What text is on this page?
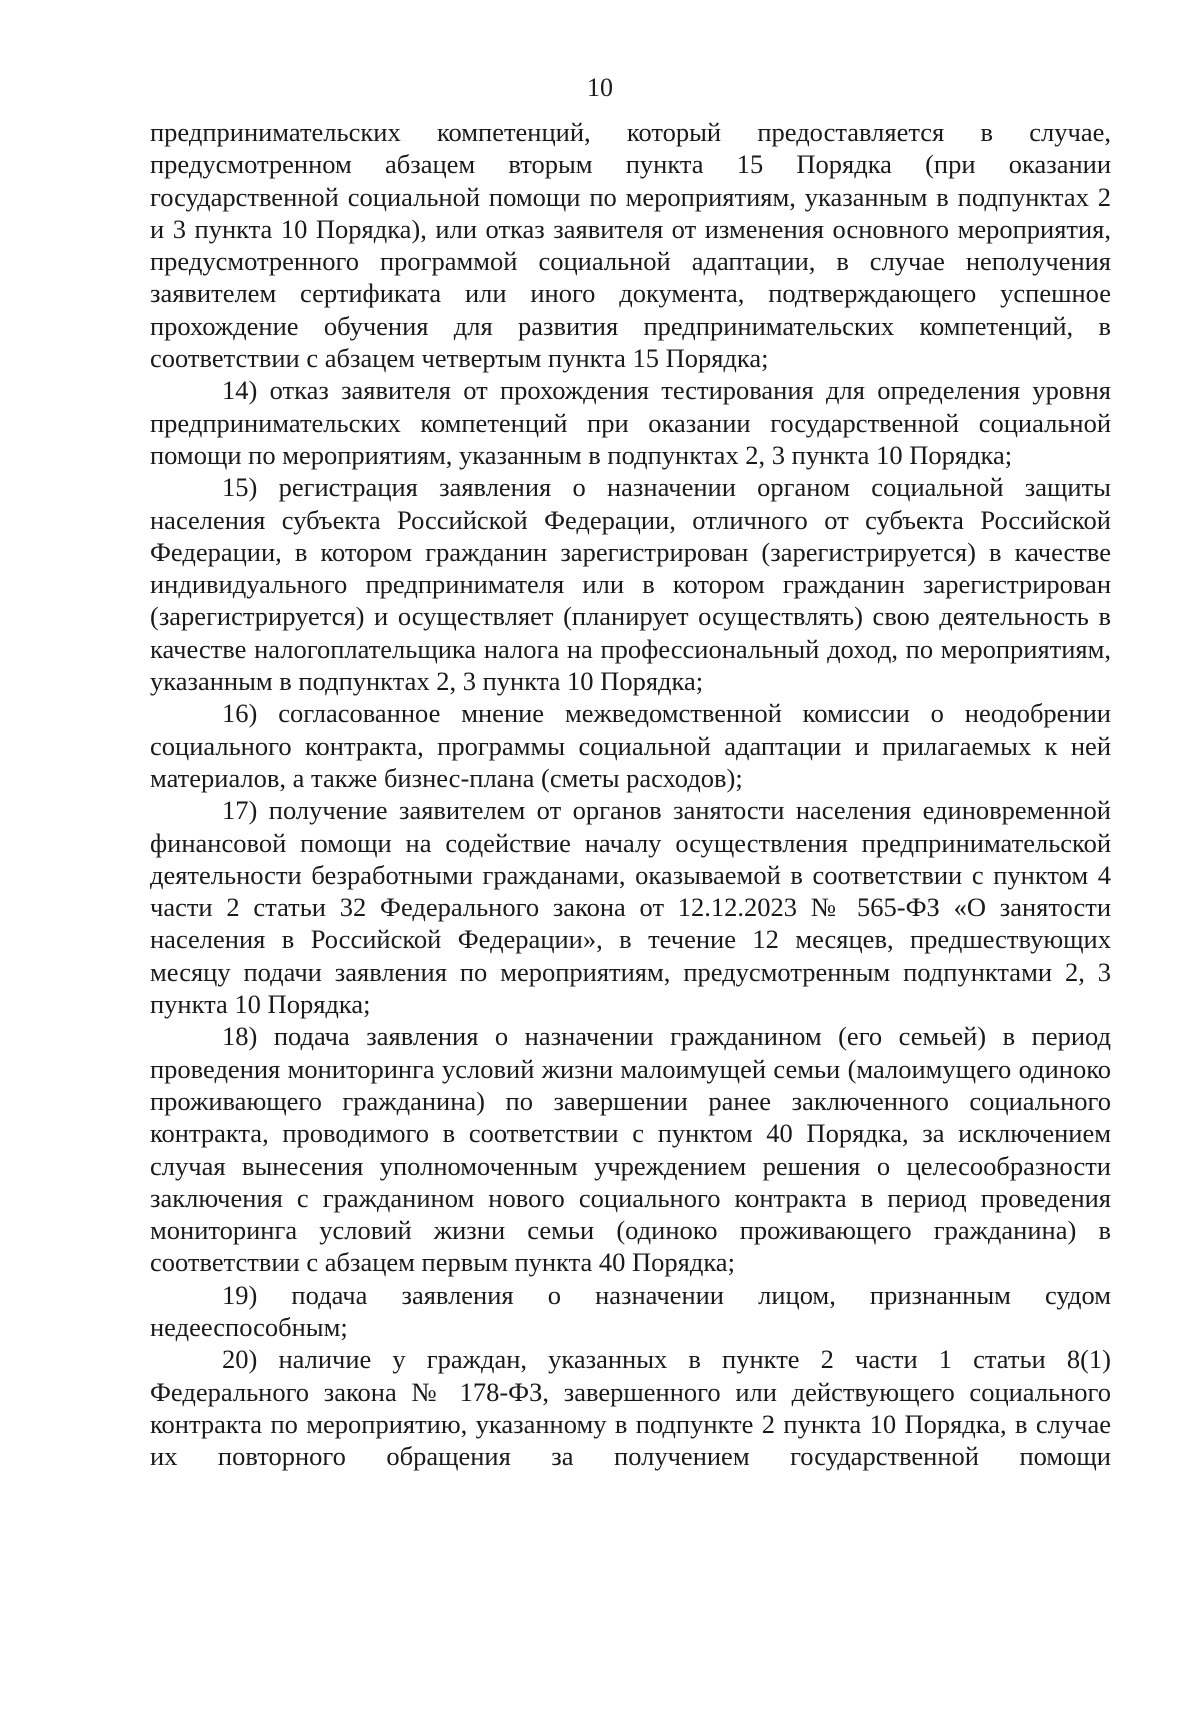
10

предпринимательских компетенций, который предоставляется в случае, предусмотренном абзацем вторым пункта 15 Порядка (при оказании государственной социальной помощи по мероприятиям, указанным в подпунктах 2 и 3 пункта 10 Порядка), или отказ заявителя от изменения основного мероприятия, предусмотренного программой социальной адаптации, в случае неполучения заявителем сертификата или иного документа, подтверждающего успешное прохождение обучения для развития предпринимательских компетенций, в соответствии с абзацем четвертым пункта 15 Порядка;

14) отказ заявителя от прохождения тестирования для определения уровня предпринимательских компетенций при оказании государственной социальной помощи по мероприятиям, указанным в подпунктах 2, 3 пункта 10 Порядка;

15) регистрация заявления о назначении органом социальной защиты населения субъекта Российской Федерации, отличного от субъекта Российской Федерации, в котором гражданин зарегистрирован (зарегистрируется) в качестве индивидуального предпринимателя или в котором гражданин зарегистрирован (зарегистрируется) и осуществляет (планирует осуществлять) свою деятельность в качестве налогоплательщика налога на профессиональный доход, по мероприятиям, указанным в подпунктах 2, 3 пункта 10 Порядка;

16) согласованное мнение межведомственной комиссии о неодобрении социального контракта, программы социальной адаптации и прилагаемых к ней материалов, а также бизнес-плана (сметы расходов);

17) получение заявителем от органов занятости населения единовременной финансовой помощи на содействие началу осуществления предпринимательской деятельности безработными гражданами, оказываемой в соответствии с пунктом 4 части 2 статьи 32 Федерального закона от 12.12.2023 № 565-ФЗ «О занятости населения в Российской Федерации», в течение 12 месяцев, предшествующих месяцу подачи заявления по мероприятиям, предусмотренным подпунктами 2, 3 пункта 10 Порядка;

18) подача заявления о назначении гражданином (его семьей) в период проведения мониторинга условий жизни малоимущей семьи (малоимущего одиноко проживающего гражданина) по завершении ранее заключенного социального контракта, проводимого в соответствии с пунктом 40 Порядка, за исключением случая вынесения уполномоченным учреждением решения о целесообразности заключения с гражданином нового социального контракта в период проведения мониторинга условий жизни семьи (одиноко проживающего гражданина) в соответствии с абзацем первым пункта 40 Порядка;

19) подача заявления о назначении лицом, признанным судом недееспособным;

20) наличие у граждан, указанных в пункте 2 части 1 статьи 8(1) Федерального закона № 178-ФЗ, завершенного или действующего социального контракта по мероприятию, указанному в подпункте 2 пункта 10 Порядка, в случае их повторного обращения за получением государственной помощи
